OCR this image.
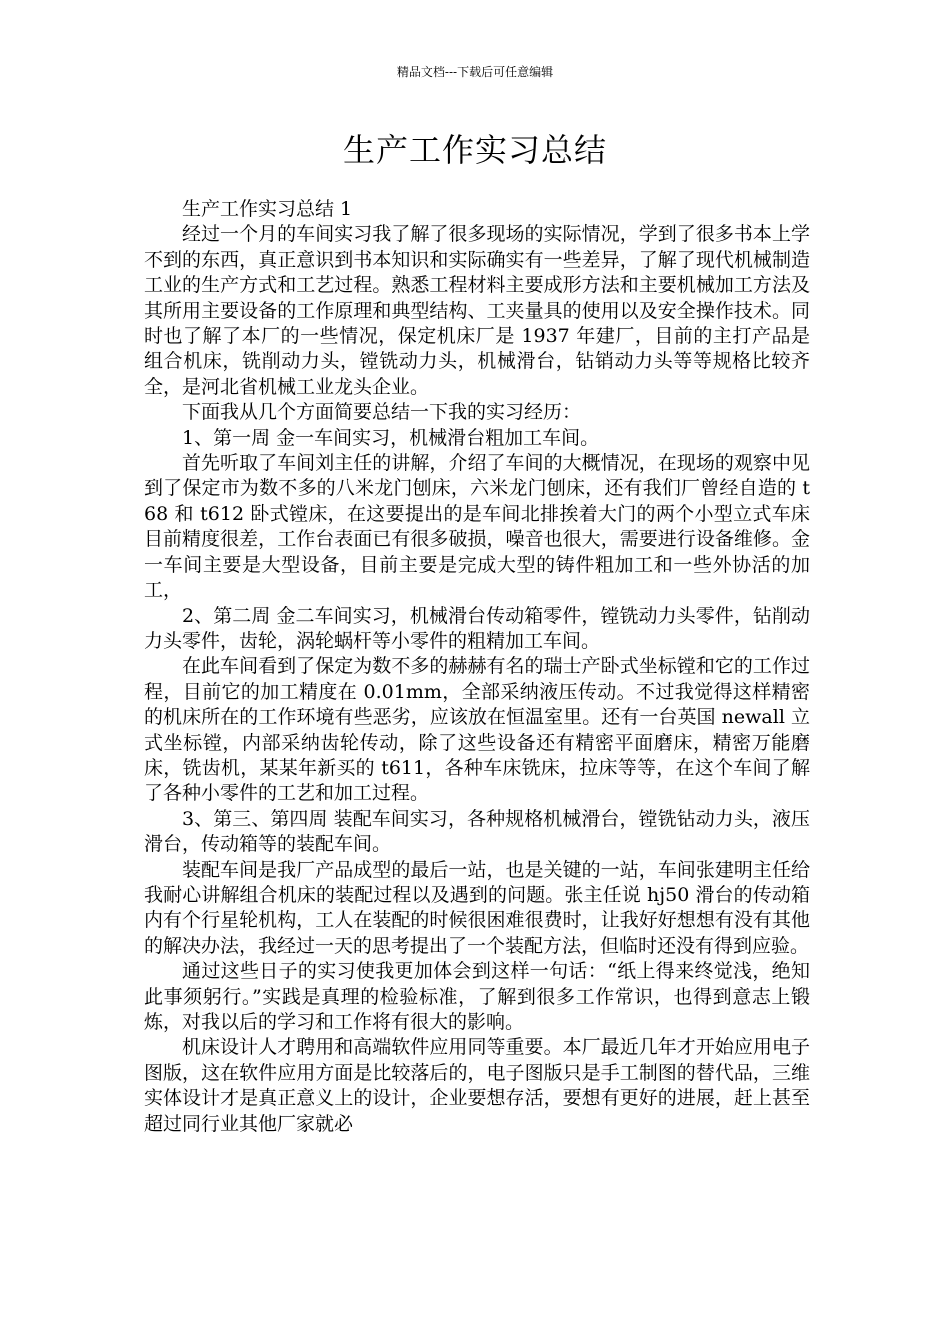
精品文档---下载后可任意编辑
生产工作实习总结

生产工作实习总结 1

经过一个月的车间实习我了解了很多现场的实际情况，学到了很多书本上学不到的东西，真正意识到书本知识和实际确实有一些差异，了解了现代机械制造工业的生产方式和工艺过程。熟悉工程材料主要成形方法和主要机械加工方法及其所用主要设备的工作原理和典型结构、工夹量具的使用以及安全操作技术。同时也了解了本厂的一些情况，保定机床厂是 1937 年建厂，目前的主打产品是组合机床，铣削动力头，镗铣动力头，机械滑台，钻销动力头等等规格比较齐全，是河北省机械工业龙头企业。

下面我从几个方面简要总结一下我的实习经历：

1、第一周 金一车间实习，机械滑台粗加工车间。

首先听取了车间刘主任的讲解，介绍了车间的大概情况，在现场的观察中见到了保定市为数不多的八米龙门刨床，六米龙门刨床，还有我们厂曾经自造的 t68 和 t612 卧式镗床，在这要提出的是车间北排挨着大门的两个小型立式车床目前精度很差，工作台表面已有很多破损，噪音也很大，需要进行设备维修。金一车间主要是大型设备，目前主要是完成大型的铸件粗加工和一些外协活的加工，

2、第二周 金二车间实习，机械滑台传动箱零件，镗铣动力头零件，钻削动力头零件，齿轮，涡轮蜗杆等小零件的粗精加工车间。

在此车间看到了保定为数不多的赫赫有名的瑞士产卧式坐标镗和它的工作过程，目前它的加工精度在 0.01mm，全部采纳液压传动。不过我觉得这样精密的机床所在的工作环境有些恶劣，应该放在恒温室里。还有一台英国 newall 立式坐标镗，内部采纳齿轮传动，除了这些设备还有精密平面磨床，精密万能磨床，铣齿机，某某年新买的 t611，各种车床铣床，拉床等等，在这个车间了解了各种小零件的工艺和加工过程。

3、第三、第四周 装配车间实习，各种规格机械滑台，镗铣钻动力头，液压滑台，传动箱等的装配车间。

装配车间是我厂产品成型的最后一站，也是关键的一站，车间张建明主任给我耐心讲解组合机床的装配过程以及遇到的问题。张主任说 hj50 滑台的传动箱内有个行星轮机构，工人在装配的时候很困难很费时，让我好好想想有没有其他的解决办法，我经过一天的思考提出了一个装配方法，但临时还没有得到应验。

通过这些日子的实习使我更加体会到这样一句话：“纸上得来终觉浅，绝知此事须躬行。”实践是真理的检验标准，了解到很多工作常识，也得到意志上锻炼，对我以后的学习和工作将有很大的影响。

机床设计人才聘用和高端软件应用同等重要。本厂最近几年才开始应用电子图版，这在软件应用方面是比较落后的，电子图版只是手工制图的替代品，三维实体设计才是真正意义上的设计，企业要想存活，要想有更好的进展，赶上甚至超过同行业其他厂家就必
